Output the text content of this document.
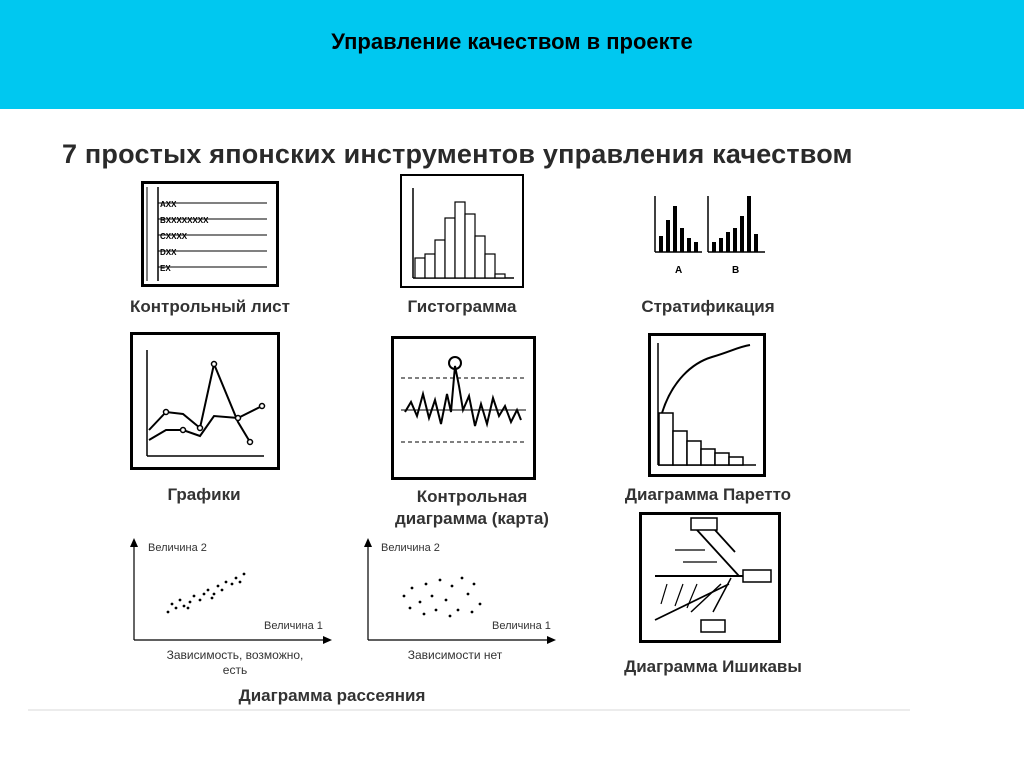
Управление качеством в проекте
7 простых японских инструментов управления качеством
AXX
BXXXXXXXX
CXXXX
DXX
EX
Контрольный лист	Гистограмма
A	B
Стратификация
Графики	Контрольная
диаграмма (карта)
Диаграмма Паретто
Величина 2
Величина 1
Зависимость, возможно,
есть
Величина 2
Величина 1
Зависимости нет
Диаграмма рассеяния
Диаграмма Ишикавы
